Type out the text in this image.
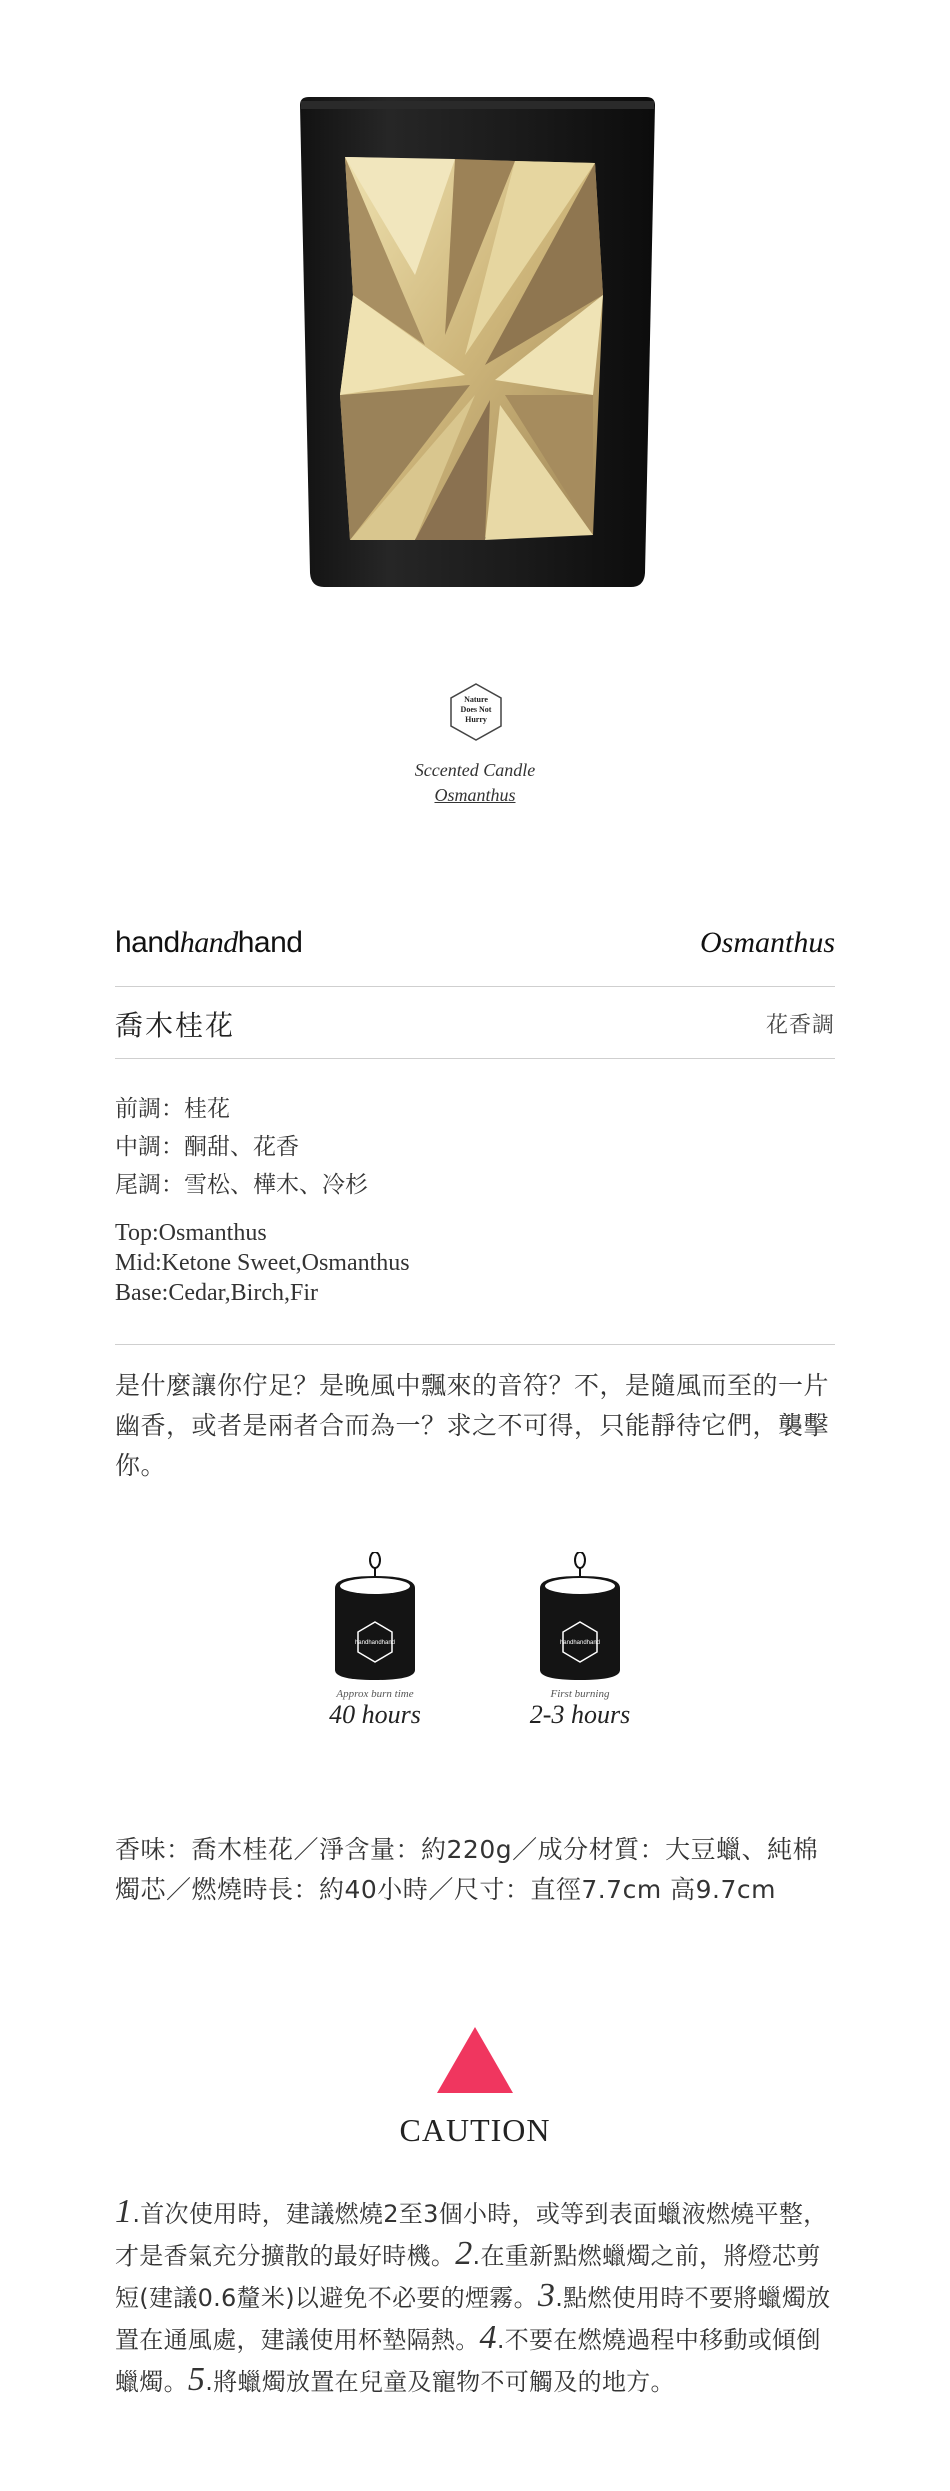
Nature
Does Not
Hurry
Sccented Candle
Osmanthus
handhandhand	Osmanthus
喬木桂花	花香調
前調：桂花
中調：酮甜、花香
尾調：雪松、樺木、冷杉
Top:Osmanthus
Mid:Ketone Sweet,Osmanthus
Base:Cedar,Birch,Fir
是什麼讓你佇足？是晚風中飄來的音符？不，是隨風而至的一片幽香，或者是兩者合而為一？求之不可得，只能靜待它們，襲擊你。
handhandhand
Approx burn time
40 hours
handhandhand
First burning
2-3 hours
香味：喬木桂花／淨含量：約220g／成分材質：大豆蠟、純棉燭芯／燃燒時長：約40小時／尺寸：直徑7.7cm 高9.7cm
CAUTION
1.首次使用時，建議燃燒2至3個小時，或等到表面蠟液燃燒平整，才是香氣充分擴散的最好時機。2.在重新點燃蠟燭之前，將燈芯剪短(建議0.6釐米)以避免不必要的煙霧。3.點燃使用時不要將蠟燭放置在通風處，建議使用杯墊隔熱。4.不要在燃燒過程中移動或傾倒蠟燭。5.將蠟燭放置在兒童及寵物不可觸及的地方。
